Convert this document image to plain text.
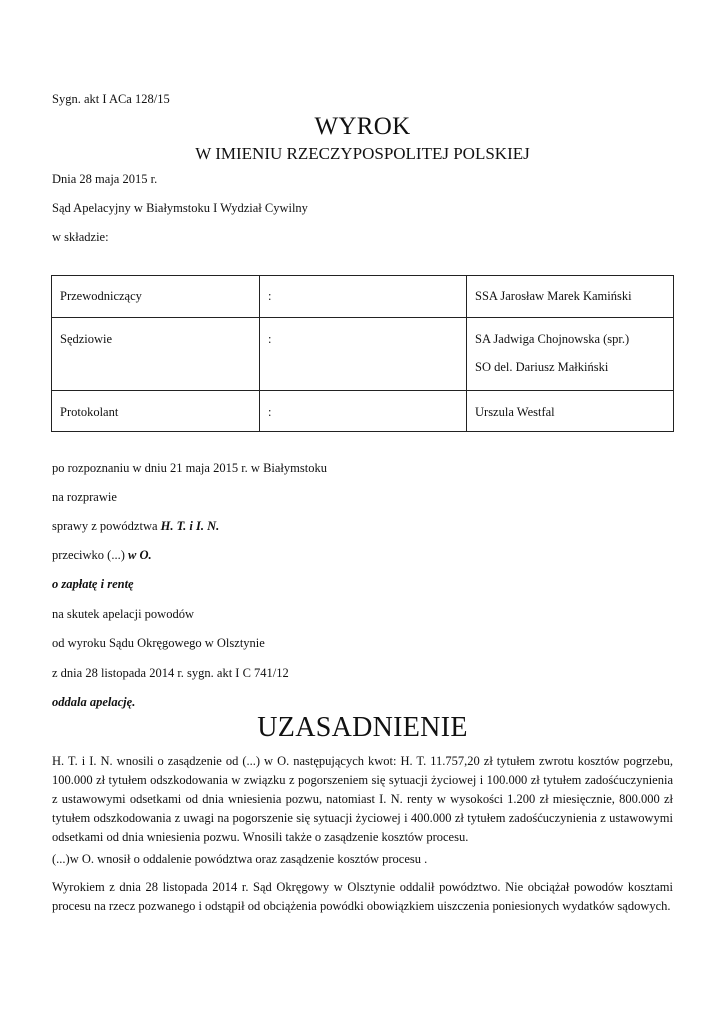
Sygn. akt I ACa 128/15
WYROK
W IMIENIU RZECZYPOSPOLITEJ POLSKIEJ
Dnia 28 maja 2015 r.
Sąd Apelacyjny w Białymstoku I Wydział Cywilny
w składzie:
Przewodniczący	:	SSA Jarosław Marek Kamiński
Sędziowie	:	SA Jadwiga Chojnowska (spr.)
SO del. Dariusz Małkiński

Protokolant	:	Urszula Westfal
po rozpoznaniu w dniu 21 maja 2015 r. w Białymstoku
na rozprawie
sprawy z powództwa H. T. i I. N.
przeciwko (...) w O.
o zapłatę i rentę
na skutek apelacji powodów
od wyroku Sądu Okręgowego w Olsztynie
z dnia 28 listopada 2014 r. sygn. akt I C 741/12
oddala apelację.
UZASADNIENIE
H. T. i I. N. wnosili o zasądzenie od (...) w O. następujących kwot: H. T. 11.757,20 zł tytułem zwrotu kosztów pogrzebu, 100.000 zł tytułem odszkodowania w związku z pogorszeniem się sytuacji życiowej i 100.000 zł tytułem zadośćuczynienia z ustawowymi odsetkami od dnia wniesienia pozwu, natomiast I. N. renty w wysokości 1.200 zł miesięcznie, 800.000 zł tytułem odszkodowania z uwagi na pogorszenie się sytuacji życiowej i 400.000 zł tytułem zadośćuczynienia z ustawowymi odsetkami od dnia wniesienia pozwu. Wnosili także o zasądzenie kosztów procesu.
(...)w O. wnosił o oddalenie powództwa oraz zasądzenie kosztów procesu .
Wyrokiem z dnia 28 listopada 2014 r. Sąd Okręgowy w Olsztynie oddalił powództwo. Nie obciążał powodów kosztami procesu na rzecz pozwanego i odstąpił od obciążenia powódki obowiązkiem uiszczenia poniesionych wydatków sądowych.
